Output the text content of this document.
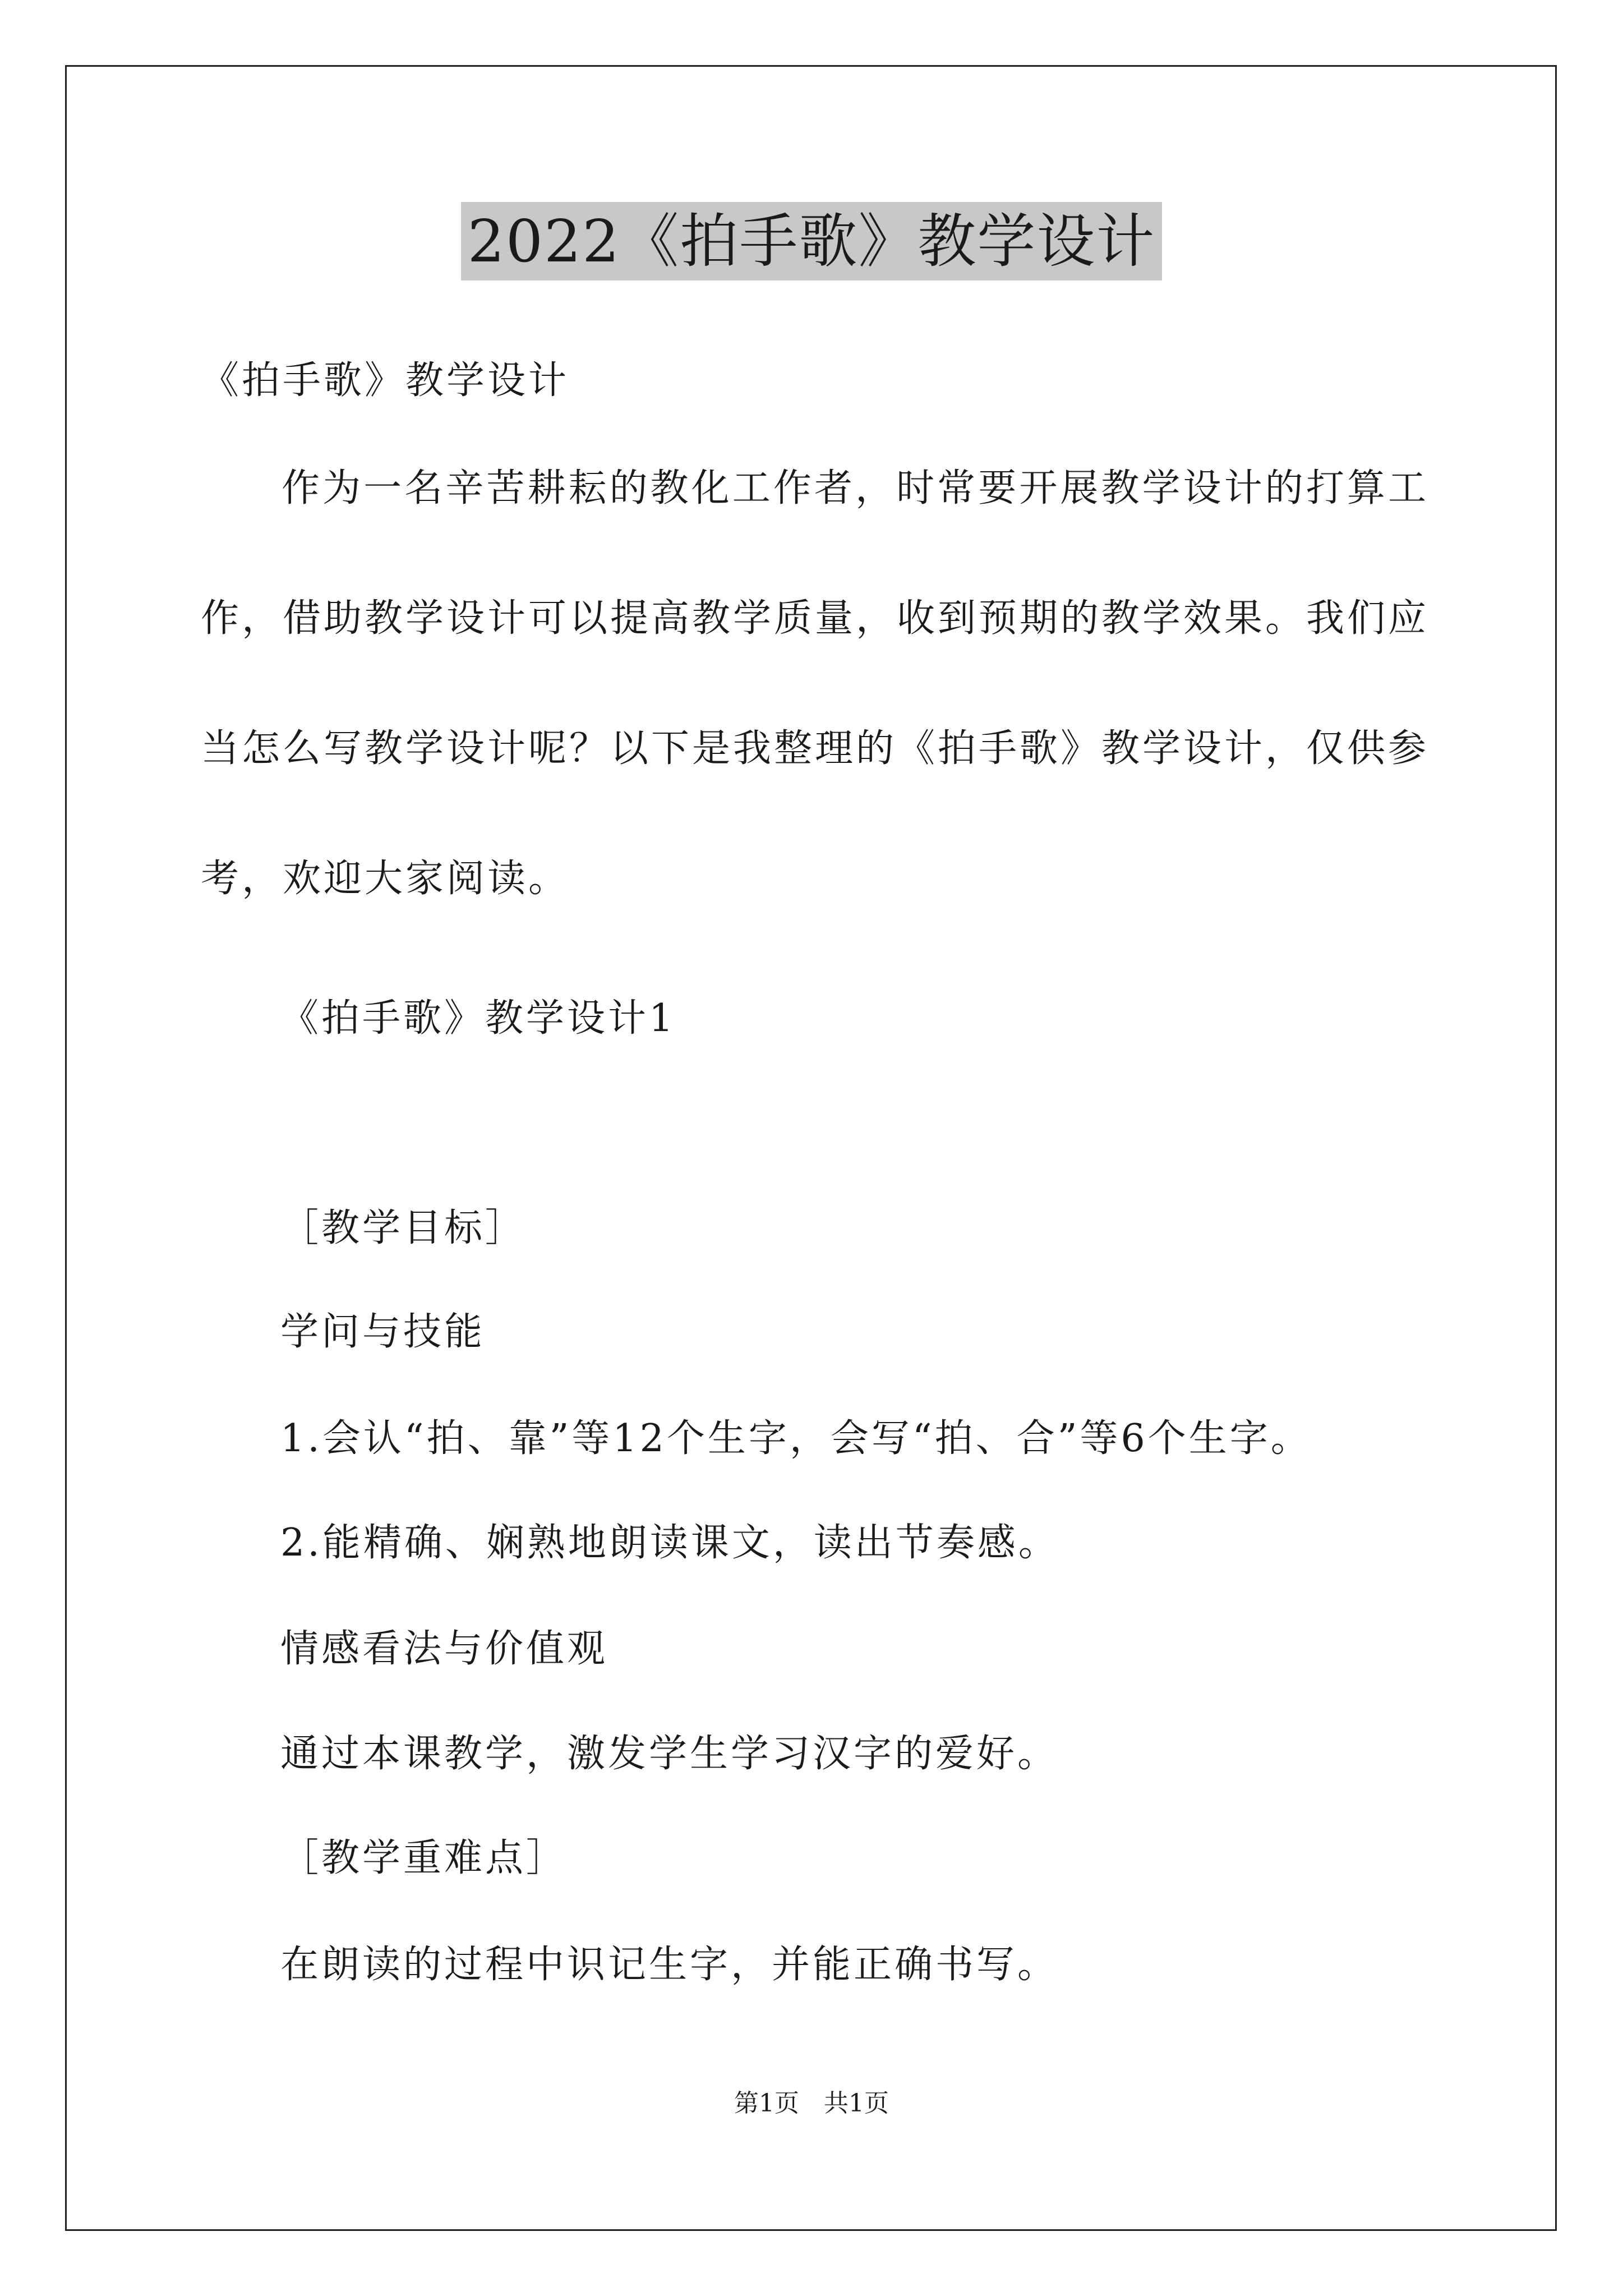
2022《拍手歌》教学设计
《拍手歌》教学设计
作为一名辛苦耕耘的教化工作者，时常要开展教学设计的打算工作，借助教学设计可以提高教学质量，收到预期的教学效果。我们应当怎么写教学设计呢？以下是我整理的《拍手歌》教学设计，仅供参考，欢迎大家阅读。
《拍手歌》教学设计1
［教学目标］
学问与技能
1.会认“拍、靠”等12个生字，会写“拍、合”等6个生字。
2.能精确、娴熟地朗读课文，读出节奏感。
情感看法与价值观
通过本课教学，激发学生学习汉字的爱好。
［教学重难点］
在朗读的过程中识记生字，并能正确书写。
第1页　共1页
